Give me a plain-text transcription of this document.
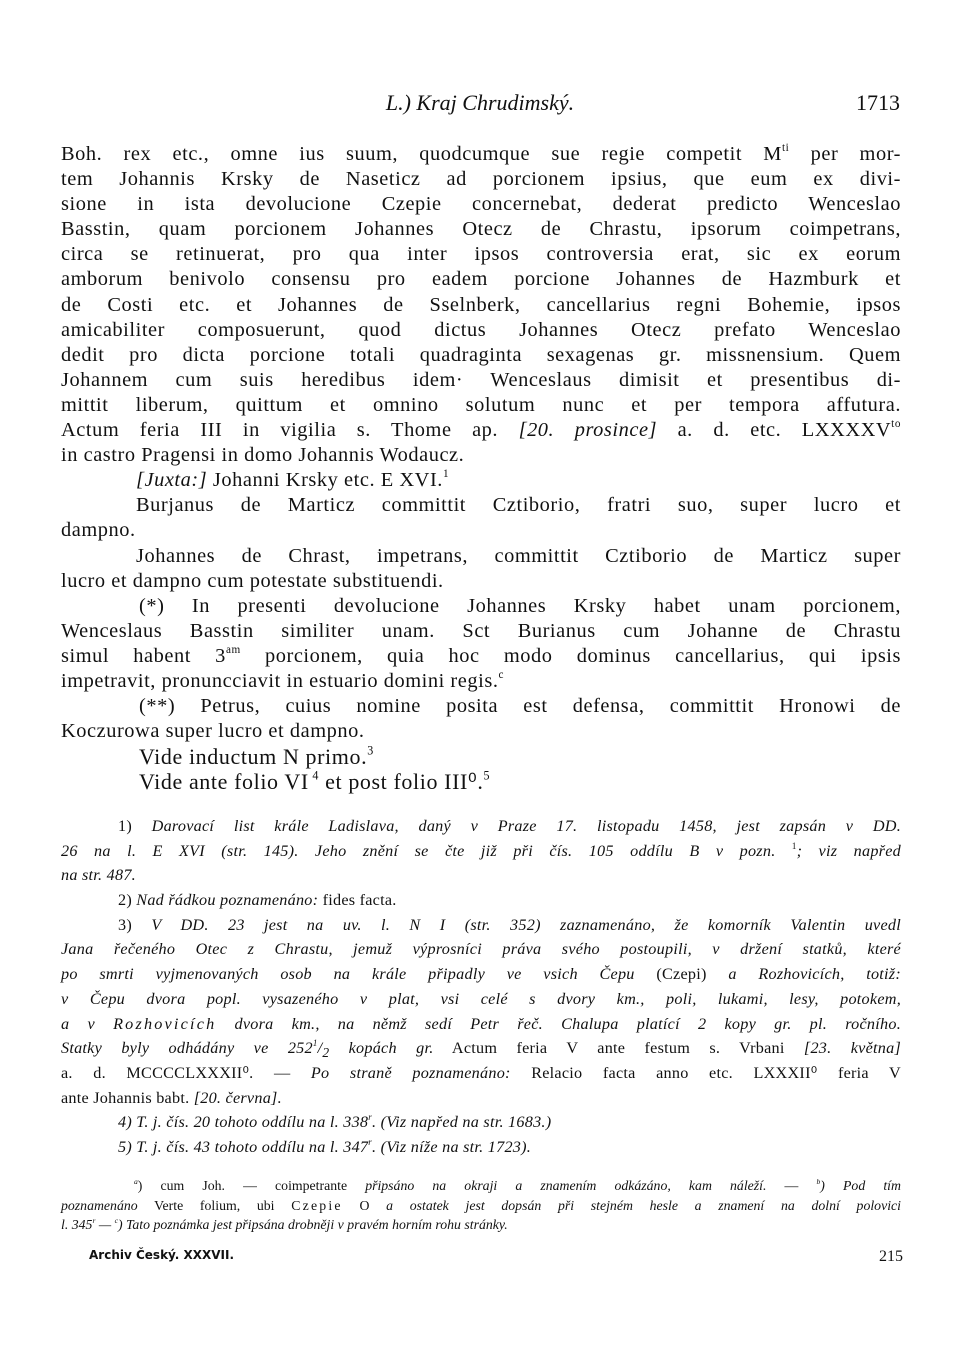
L.) Kraj Chrudimský.	1713
Boh. rex etc., omne ius suum, quodcumque sue regie competit $M^{ti}$ per mor-
tem Johannis Krsky de Naseticz ad porcionem ipsius, que eum ex divi-
sione in ista devolucione Czepie concernebat, dederat predicto Wenceslao
Basstin, quam porcionem Johannes Otecz de Chrastu, ipsorum coimpetrans,
circa se retinuerat, pro qua inter ipsos controversia erat, sic ex eorum
amborum benivolo consensu pro eadem porcione Johannes de Hazmburk et
de Costi etc. et Johannes de Sselnberk, cancellarius regni Bohemie, ipsos
amicabiliter composuerunt, quod dictus Johannes Otecz prefato Wenceslao
dedit pro dicta porcione totali quadraginta sexagenas gr. missnensium. Quem
Johannem cum suis heredibus idem· Wenceslaus dimisit et presentibus di-
mittit liberum, quittum et omnino solutum nunc et per tempora affutura.
Actum feria III in vigilia s. Thome ap. [20. prosince] a. d. etc. $LXXXXV^{to}$
in castro Pragensi in domo Johannis Wodaucz.
[Juxta:] Johanni Krsky etc. E XVI.$^1$
Burjanus de Marticz committit Cztiborio, fratri suo, super lucro et
dampno.
Johannes de Chrast, impetrans, committit Cztiborio de Marticz super
lucro et dampno cum potestate substituendi.
(*) In presenti devolucione Johannes Krsky habet unam porcionem,
Wenceslaus Basstin similiter unam. Sct Burianus cum Johanne de Chrastu
simul habent $3^{am}$ porcionem, quia hoc modo dominus cancellarius, qui ipsis
impetravit, pronuncciavit in estuario domini regis.$^c$
(**) Petrus, cuius nomine posita est defensa, committit Hronowi de
Koczurowa super lucro et dampno.
Vide inductum N primo.$^3$
Vide ante folio VI $^4$ et post folio III⁰.$^5$
1) Darovací list krále Ladislava, daný v Praze 17. listopadu 1458, jest zapsán v DD.
26 na l. E XVI (str. 145). Jeho znění se čte již při čís. 105 oddílu B v pozn. $^1$; viz napřed
na str. 487.
2) Nad řádkou poznamenáno: fides facta.
3) V DD. 23 jest na uv. l. N I (str. 352) zaznamenáno, že komorník Valentin uvedl
Jana řečeného Otec z Chrastu, jemuž výprosníci práva svého postoupili, v držení statků, které
po smrti vyjmenovaných osob na krále připadly ve vsich Čepu (Czepi) a Rozhovicích, totiž:
v Čepu dvora popl. vysazeného v plat, vsi celé s dvory km., poli, lukami, lesy, potokem,
a v Rozhovicích dvora km., na němž sedí Petr řeč. Chalupa platící 2 kopy gr. pl. ročního.
Statky byly odhádány ve $252^1/_2$ kopách gr. Actum feria V ante festum s. Vrbani [23. května]
a. d. MCCCCLXXXII⁰. — Po straně poznamenáno: Relacio facta anno etc. LXXXII⁰ feria V
ante Johannis babt. [20. června].
4) T. j. čís. 20 tohoto oddílu na l. 338$^r$. (Viz napřed na str. 1683.)
5) T. j. čís. 43 tohoto oddílu na l. 347$^r$. (Viz níže na str. 1723).
$^a$) cum Joh. — coimpetrante připsáno na okraji a znamením odkázáno, kam náleží. — $^b$) Pod tím
poznamenáno Verte folium, ubi Czepie O a ostatek jest dopsán při stejném hesle a znamení na dolní polovici
l. 345$^r$ — $^c$) Tato poznámka jest připsána drobněji v pravém horním rohu stránky.
Archiv Český. XXXVII.	215
